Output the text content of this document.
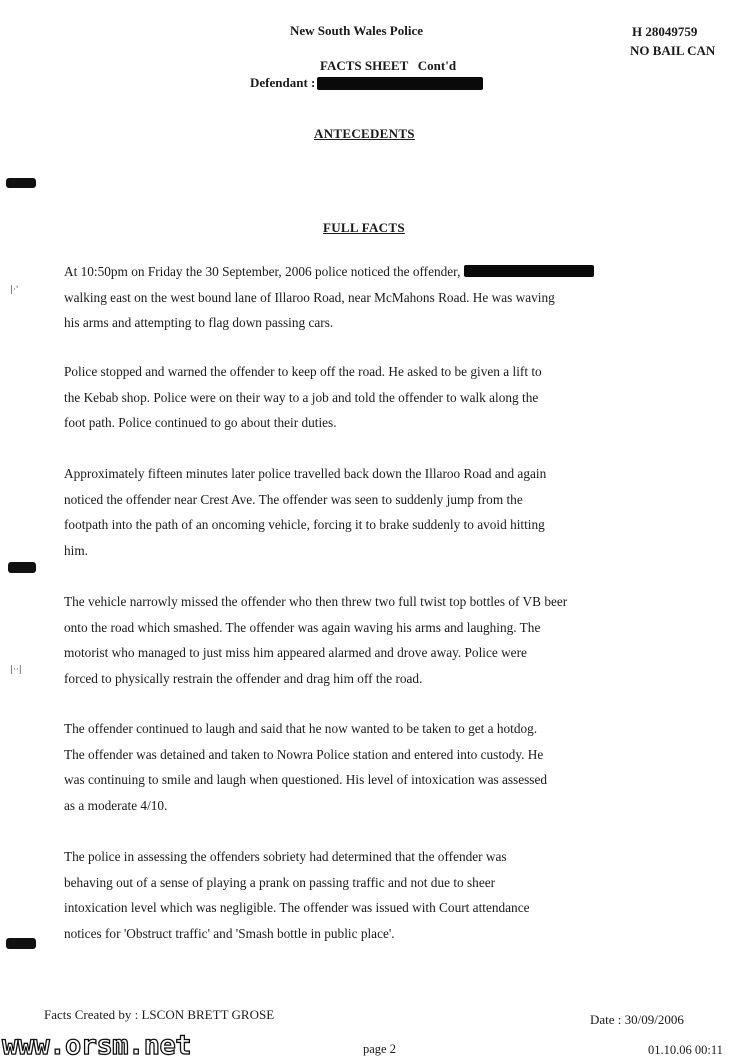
New South Wales Police	H 28049759
NO BAIL CAN
FACTS SHEET   Cont'd
Defendant :
ANTECEDENTS
FULL FACTS
At 10:50pm on Friday the 30 September, 2006 police noticed the offender,
walking east on the west bound lane of Illaroo Road, near McMahons Road. He was waving
his arms and attempting to flag down passing cars.
Police stopped and warned the offender to keep off the road. He asked to be given a lift to
the Kebab shop. Police were on their way to a job and told the offender to walk along the
foot path. Police continued to go about their duties.
Approximately fifteen minutes later police travelled back down the Illaroo Road and again
noticed the offender near Crest Ave. The offender was seen to suddenly jump from the
footpath into the path of an oncoming vehicle, forcing it to brake suddenly to avoid hitting
him.
The vehicle narrowly missed the offender who then threw two full twist top bottles of VB beer
onto the road which smashed. The offender was again waving his arms and laughing. The
motorist who managed to just miss him appeared alarmed and drove away. Police were
forced to physically restrain the offender and drag him off the road.
The offender continued to laugh and said that he now wanted to be taken to get a hotdog.
The offender was detained and taken to Nowra Police station and entered into custody. He
was continuing to smile and laugh when questioned. His level of intoxication was assessed
as a moderate 4/10.
The police in assessing the offenders sobriety had determined that the offender was
behaving out of a sense of playing a prank on passing traffic and not due to sheer
intoxication level which was negligible. The offender was issued with Court attendance
notices for 'Obstruct traffic' and 'Smash bottle in public place'.
Facts Created by : LSCON BRETT GROSE	Date : 30/09/2006
page 2	01.10.06 00:11
www.orsm.net
|·'
|··|
